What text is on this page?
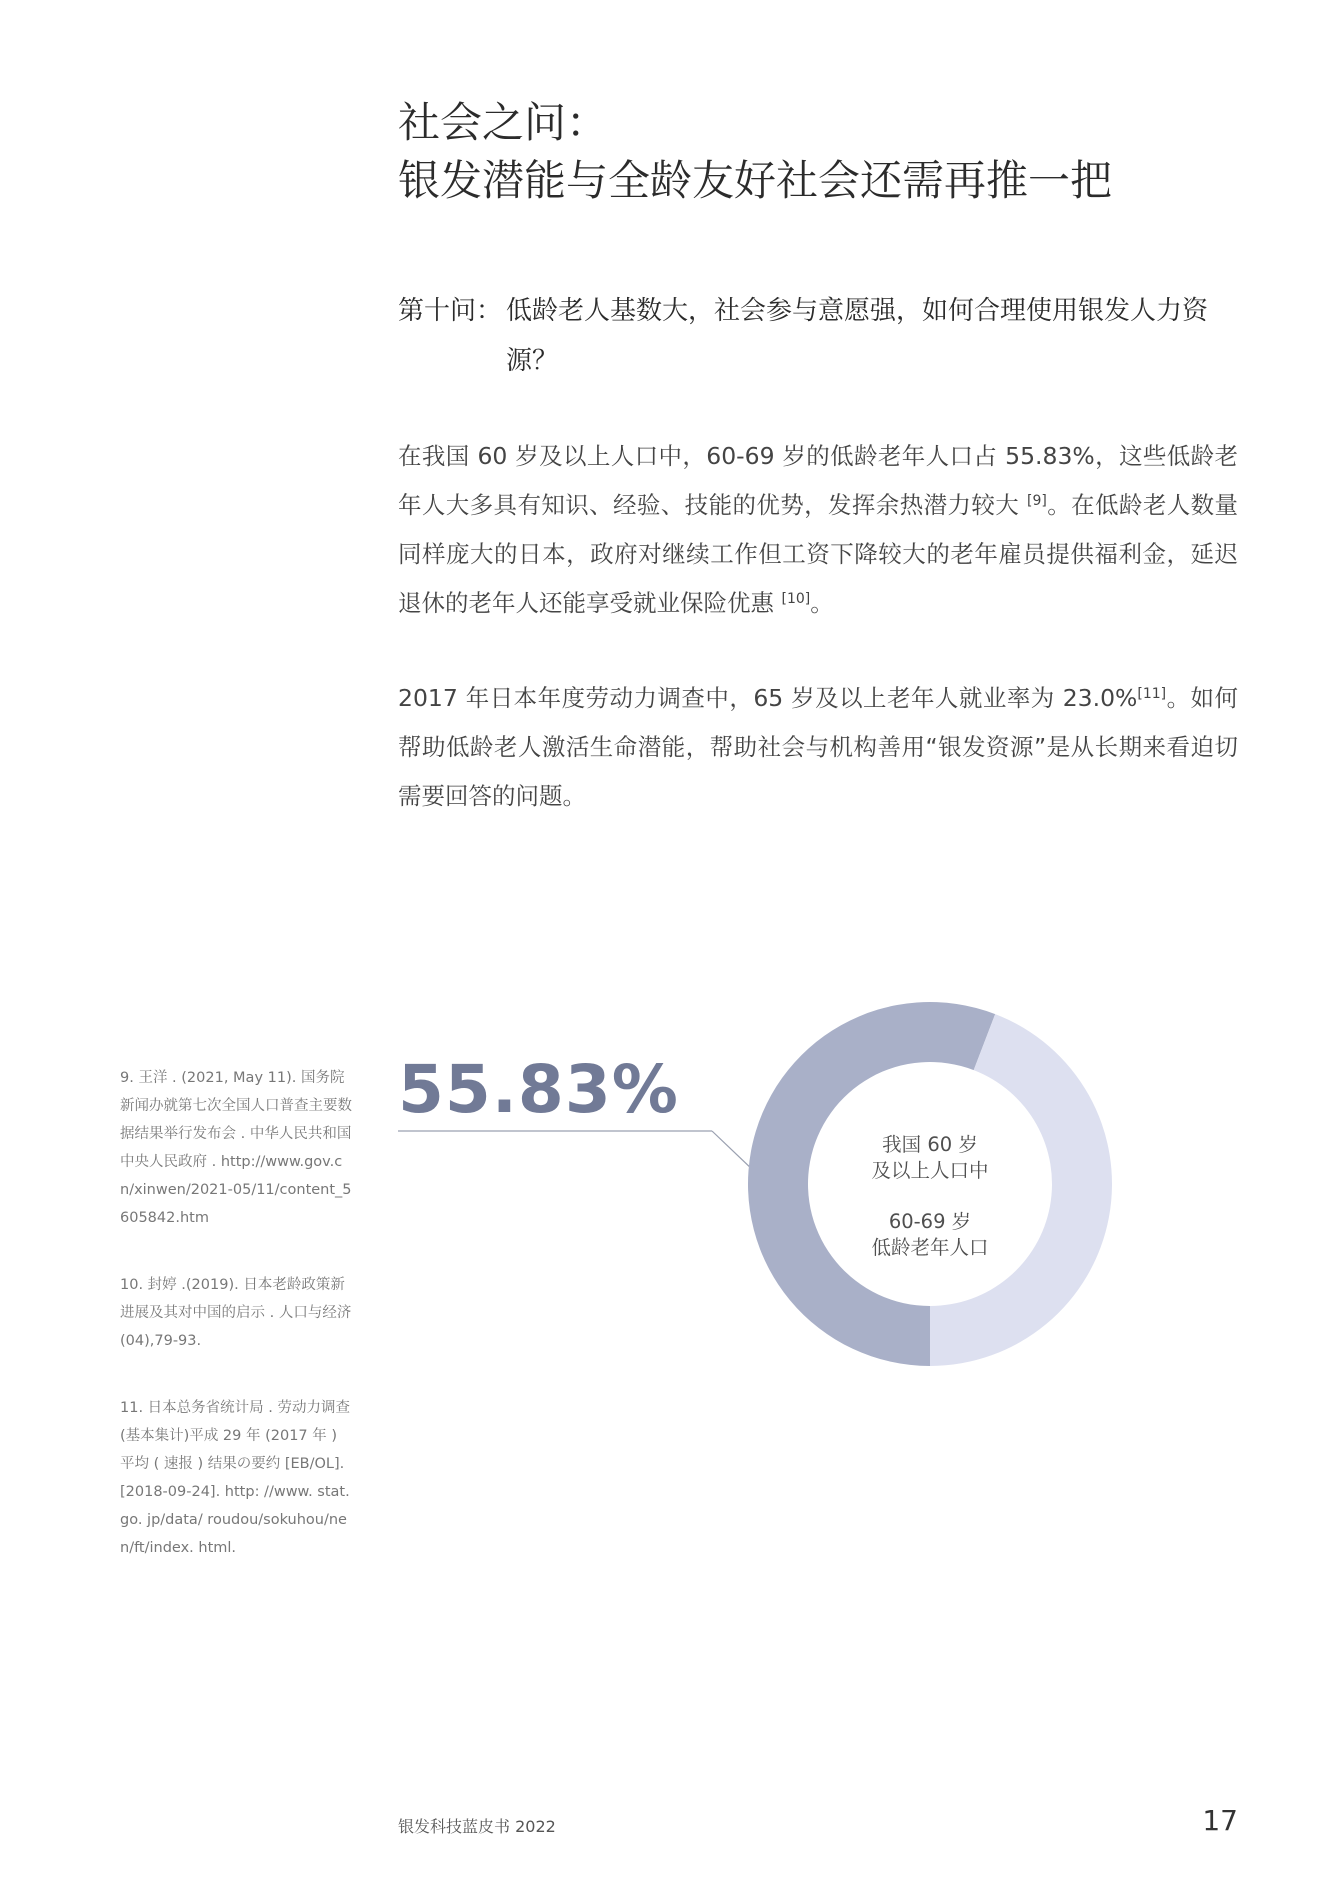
社会之问：
银发潜能与全龄友好社会还需再推一把
第十问： 低龄老人基数大，社会参与意愿强，如何合理使用银发人力资源？

在我国 60 岁及以上人口中，60-69 岁的低龄老年人口占 55.83%，这些低龄老年人大多具有知识、经验、技能的优势，发挥余热潜力较大 [9]。在低龄老人数量同样庞大的日本，政府对继续工作但工资下降较大的老年雇员提供福利金，延迟退休的老年人还能享受就业保险优惠 [10]。

2017 年日本年度劳动力调查中，65 岁及以上老年人就业率为 23.0%[11]。如何帮助低龄老人激活生命潜能，帮助社会与机构善用“银发资源”是从长期来看迫切需要回答的问题。

9. 王洋 . (2021, May 11). 国务院新闻办就第七次全国人口普查主要数据结果举行发布会 . 中华人民共和国中央人民政府 . http://www.gov.cn/xinwen/2021-05/11/content_5605842.htm
10. 封婷 .(2019). 日本老龄政策新进展及其对中国的启示 . 人口与经济 (04),79-93.
11. 日本总务省统计局 . 劳动力调查(基本集计)平成 29 年 (2017 年 ) 平均 ( 速报 ) 结果の要约 [EB/OL]. [2018-09-24]. http: //www. stat. go. jp/data/ roudou/sokuhou/nen/ft/index. html.
55.83%
我国 60 岁
及以上人口中
60-69 岁
低龄老年人口
银发科技蓝皮书 2022	17
